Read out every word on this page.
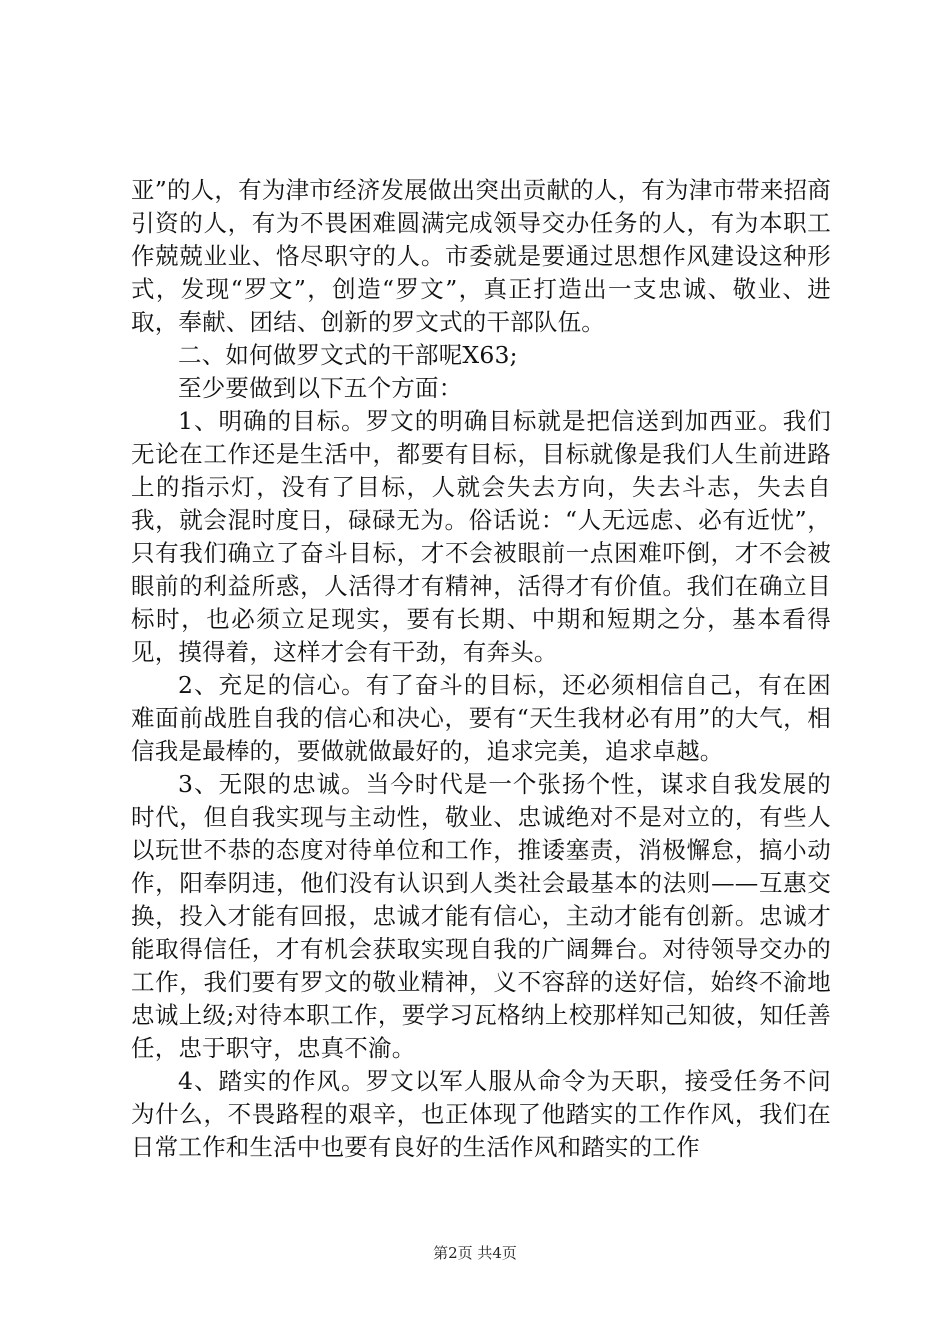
亚”的人，有为津市经济发展做出突出贡献的人，有为津市带来招商引资的人，有为不畏困难圆满完成领导交办任务的人，有为本职工作兢兢业业、恪尽职守的人。市委就是要通过思想作风建设这种形式，发现“罗文”，创造“罗文”，真正打造出一支忠诚、敬业、进取，奉献、团结、创新的罗文式的干部队伍。

二、如何做罗文式的干部呢X63;

至少要做到以下五个方面：

1、明确的目标。罗文的明确目标就是把信送到加西亚。我们无论在工作还是生活中，都要有目标，目标就像是我们人生前进路上的指示灯，没有了目标，人就会失去方向，失去斗志，失去自我，就会混时度日，碌碌无为。俗话说：“人无远虑、必有近忧”，只有我们确立了奋斗目标，才不会被眼前一点困难吓倒，才不会被眼前的利益所惑，人活得才有精神，活得才有价值。我们在确立目标时，也必须立足现实，要有长期、中期和短期之分，基本看得见，摸得着，这样才会有干劲，有奔头。

2、充足的信心。有了奋斗的目标，还必须相信自己，有在困难面前战胜自我的信心和决心，要有“天生我材必有用”的大气，相信我是最棒的，要做就做最好的，追求完美，追求卓越。

3、无限的忠诚。当今时代是一个张扬个性，谋求自我发展的时代，但自我实现与主动性，敬业、忠诚绝对不是对立的，有些人以玩世不恭的态度对待单位和工作，推诿塞责，消极懈怠，搞小动作，阳奉阴违，他们没有认识到人类社会最基本的法则——互惠交换，投入才能有回报，忠诚才能有信心，主动才能有创新。忠诚才能取得信任，才有机会获取实现自我的广阔舞台。对待领导交办的工作，我们要有罗文的敬业精神，义不容辞的送好信，始终不渝地忠诚上级;对待本职工作，要学习瓦格纳上校那样知己知彼，知任善任，忠于职守，忠真不渝。

4、踏实的作风。罗文以军人服从命令为天职，接受任务不问为什么，不畏路程的艰辛，也正体现了他踏实的工作作风，我们在日常工作和生活中也要有良好的生活作风和踏实的工作

第2页 共4页
